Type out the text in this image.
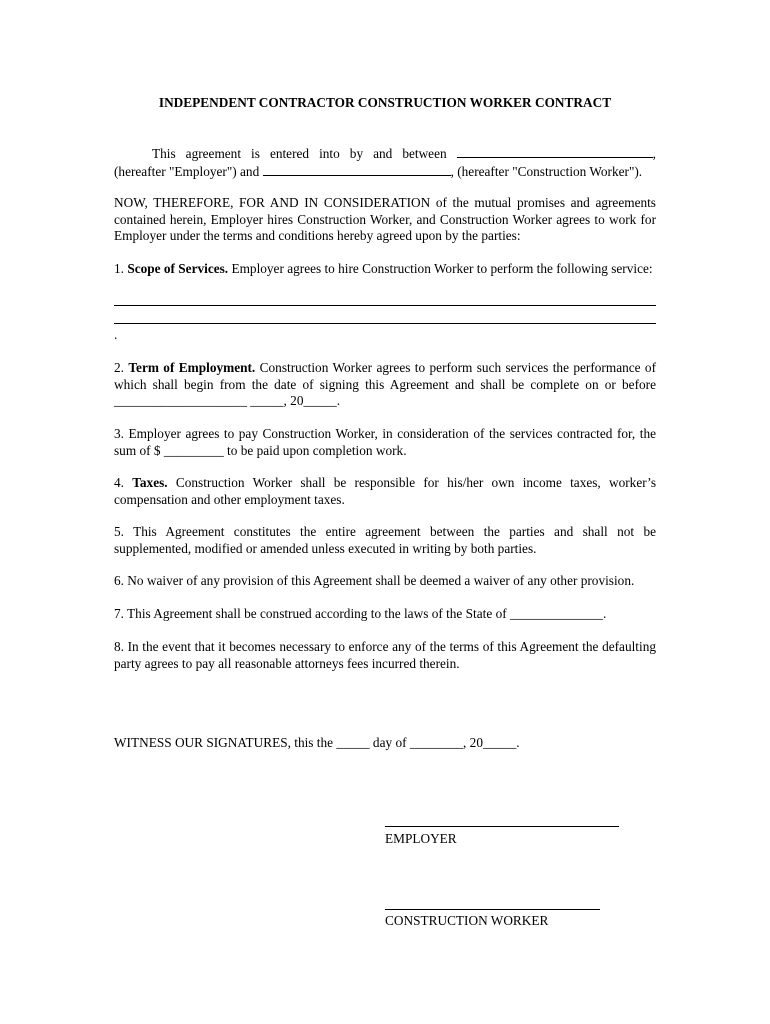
INDEPENDENT CONTRACTOR CONSTRUCTION WORKER CONTRACT
This agreement is entered into by and between	,
(hereafter "Employer") and	, (hereafter "Construction Worker").

NOW, THEREFORE, FOR AND IN CONSIDERATION of the mutual promises and agreements contained herein, Employer hires Construction Worker, and Construction Worker agrees to work for Employer under the terms and conditions hereby agreed upon by the parties:

1. Scope of Services. Employer agrees to hire Construction Worker to perform the following service:

.

2. Term of Employment. Construction Worker agrees to perform such services the performance of which shall begin from the date of signing this Agreement and shall be complete on or before ____________________ _____, 20_____.

3. Employer agrees to pay Construction Worker, in consideration of the services contracted for, the sum of $ _________ to be paid upon completion work.

4. Taxes. Construction Worker shall be responsible for his/her own income taxes, worker’s compensation and other employment taxes.

5. This Agreement constitutes the entire agreement between the parties and shall not be supplemented, modified or amended unless executed in writing by both parties.

6. No waiver of any provision of this Agreement shall be deemed a waiver of any other provision.

7. This Agreement shall be construed according to the laws of the State of ______________.

8. In the event that it becomes necessary to enforce any of the terms of this Agreement the defaulting party agrees to pay all reasonable attorneys fees incurred therein.

WITNESS OUR SIGNATURES, this the _____ day of ________, 20_____.

EMPLOYER
CONSTRUCTION WORKER
